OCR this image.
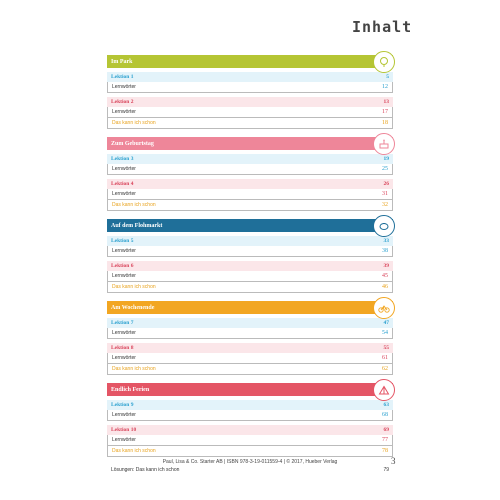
Inhalt
Im Park
Lektion 1	5
Lernwörter	12
Lektion 2	13
Lernwörter	17
Das kann ich schon	18
Zum Geburtstag
Lektion 3	19
Lernwörter	25
Lektion 4	26
Lernwörter	31
Das kann ich schon	32
Auf dem Flohmarkt
Lektion 5	33
Lernwörter	38
Lektion 6	39
Lernwörter	45
Das kann ich schon	46
Am Wochenende
Lektion 7	47
Lernwörter	54
Lektion 8	55
Lernwörter	61
Das kann ich schon	62
Endlich Ferien
Lektion 9	63
Lernwörter	68
Lektion 10	69
Lernwörter	77
Das kann ich schon	78
Lösungen: Das kann ich schon	79
Paul, Lisa & Co. Starter AB | ISBN 978-3-19-011559-4 | © 2017, Hueber Verlag	3
